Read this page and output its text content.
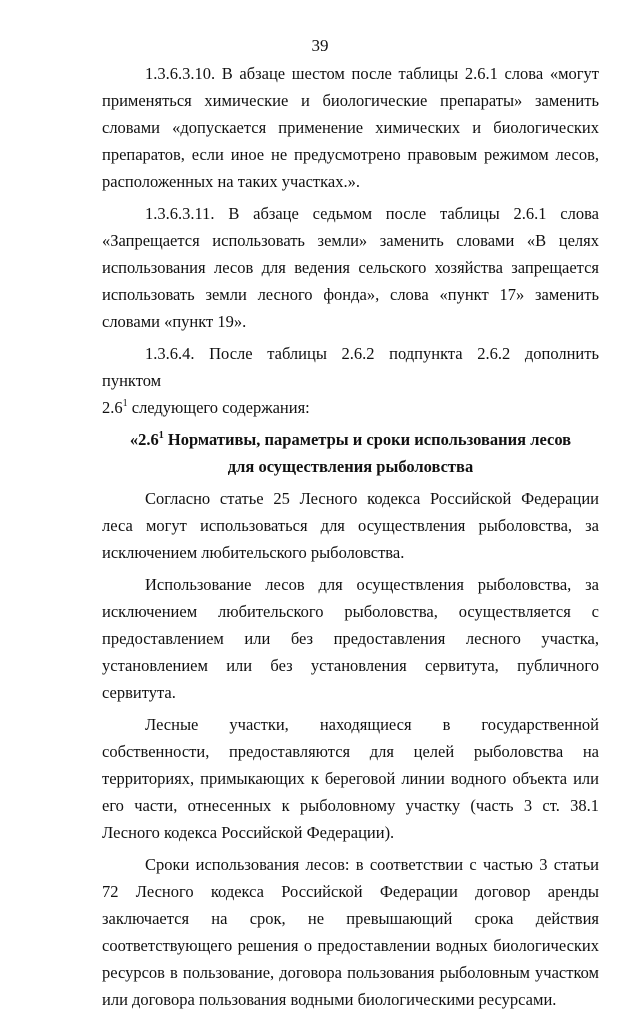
39

1.3.6.3.10. В абзаце шестом после таблицы 2.6.1 слова «могут применяться химические и биологические препараты» заменить словами «допускается применение химических и биологических препаратов, если иное не предусмотрено правовым режимом лесов, расположенных на таких участках.».

1.3.6.3.11. В абзаце седьмом после таблицы 2.6.1 слова «Запрещается использовать земли» заменить словами «В целях использования лесов для ведения сельского хозяйства запрещается использовать земли лесного фонда», слова «пункт 17» заменить словами «пункт 19».

1.3.6.4. После таблицы 2.6.2 подпункта 2.6.2 дополнить пунктом

$2.6^1$ следующего содержания:

«$2.6^1$ Нормативы, параметры и сроки использования лесов

для осуществления рыболовства

Согласно статье 25 Лесного кодекса Российской Федерации леса могут использоваться для осуществления рыболовства, за исключением любительского рыболовства.

Использование лесов для осуществления рыболовства, за исключением любительского рыболовства, осуществляется с предоставлением или без предоставления лесного участка, установлением или без установления сервитута, публичного сервитута.

Лесные участки, находящиеся в государственной собственности, предоставляются для целей рыболовства на территориях, примыкающих к береговой линии водного объекта или его части, отнесенных к рыболовному участку (часть 3 ст. 38.1 Лесного кодекса Российской Федерации).

Сроки использования лесов: в соответствии с частью 3 статьи 72 Лесного кодекса Российской Федерации договор аренды заключается на срок, не превышающий срока действия соответствующего решения о предоставлении водных биологических ресурсов в пользование, договора пользования рыболовным участком или договора пользования водными биологическими ресурсами.
